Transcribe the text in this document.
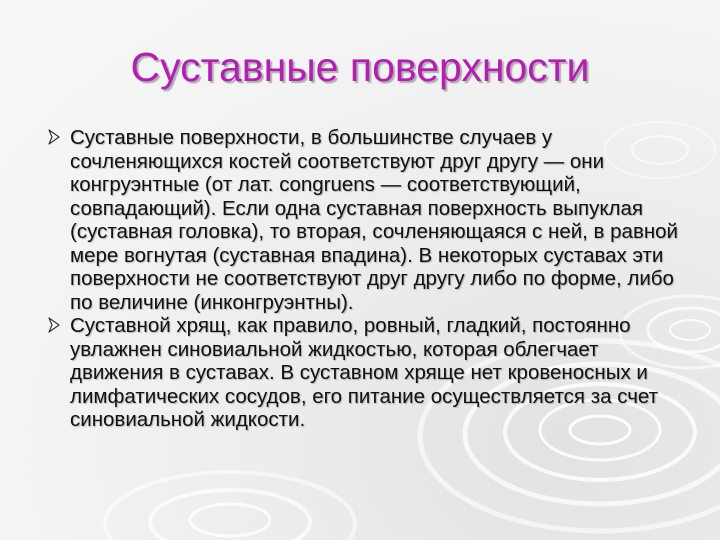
Суставные поверхности
Суставные поверхности, в большинстве случаев у сочленяющихся костей соответствуют друг другу — они конгруэнтные (от лат. congruens — соответствующий, совпадающий). Если одна суставная поверхность выпуклая (суставная головка), то вторая, сочленяющаяся с ней, в равной мере вогнутая (суставная впадина). В некоторых суставах эти поверхности не соответствуют друг другу либо по форме, либо по величине (инконгруэнтны).
Суставной хрящ, как правило, ровный, гладкий, постоянно увлажнен синовиальной жидкостью, которая облегчает движения в суставах. В суставном хряще нет кровеносных и лимфатических сосудов, его питание осуществляется за счет синовиальной жидкости.
